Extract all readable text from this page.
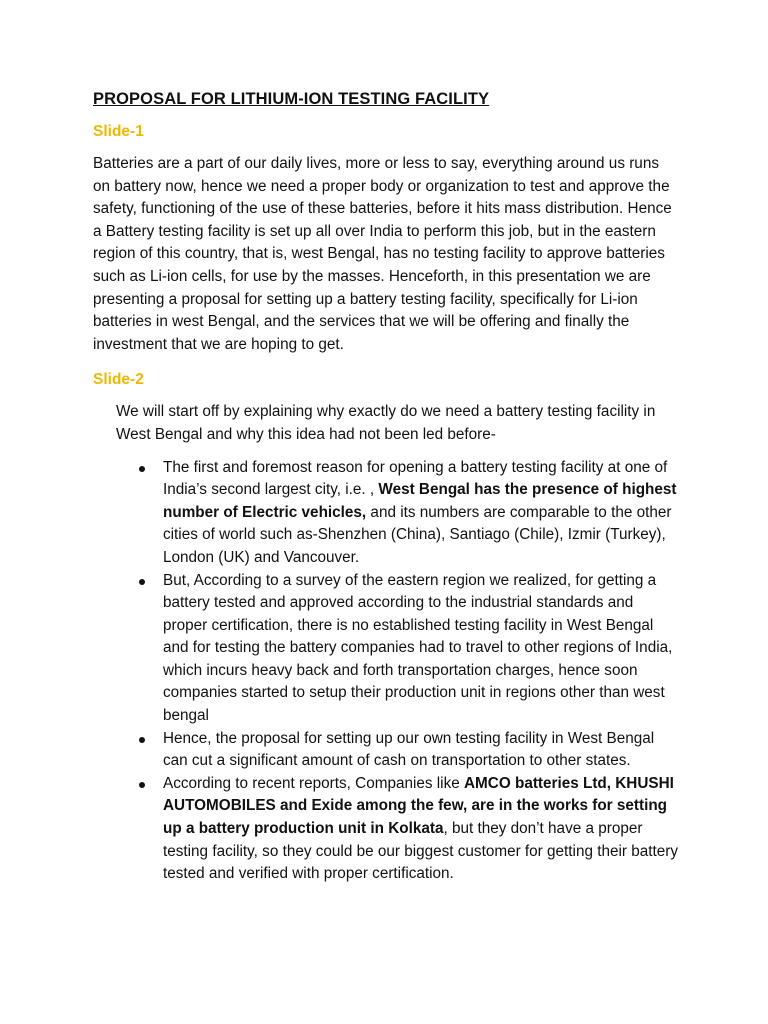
PROPOSAL FOR LITHIUM-ION TESTING FACILITY
Slide-1

Batteries are a part of our daily lives, more or less to say, everything around us runs on battery now, hence we need a proper body or organization to test and approve the safety, functioning of the use of these batteries, before it hits mass distribution. Hence a Battery testing facility is set up all over India to perform this job, but in the eastern region of this country, that is, west Bengal, has no testing facility to approve batteries such as Li-ion cells, for use by the masses. Henceforth, in this presentation we are presenting a proposal for setting up a battery testing facility, specifically for Li-ion batteries in west Bengal, and the services that we will be offering and finally the investment that we are hoping to get.

Slide-2

We will start off by explaining why exactly do we need a battery testing facility in West Bengal and why this idea had not been led before-

The first and foremost reason for opening a battery testing facility at one of India’s second largest city, i.e. , West Bengal has the presence of highest number of Electric vehicles, and its numbers are comparable to the other cities of world such as-Shenzhen (China), Santiago (Chile), Izmir (Turkey), London (UK) and Vancouver.
But, According to a survey of the eastern region we realized, for getting a battery tested and approved according to the industrial standards and proper certification, there is no established testing facility in West Bengal and for testing the battery companies had to travel to other regions of India, which incurs heavy back and forth transportation charges, hence soon companies started to setup their production unit in regions other than west bengal
Hence, the proposal for setting up our own testing facility in West Bengal can cut a significant amount of cash on transportation to other states.
According to recent reports, Companies like AMCO batteries Ltd, KHUSHI AUTOMOBILES and Exide among the few, are in the works for setting up a battery production unit in Kolkata, but they don’t have a proper testing facility, so they could be our biggest customer for getting their battery tested and verified with proper certification.
